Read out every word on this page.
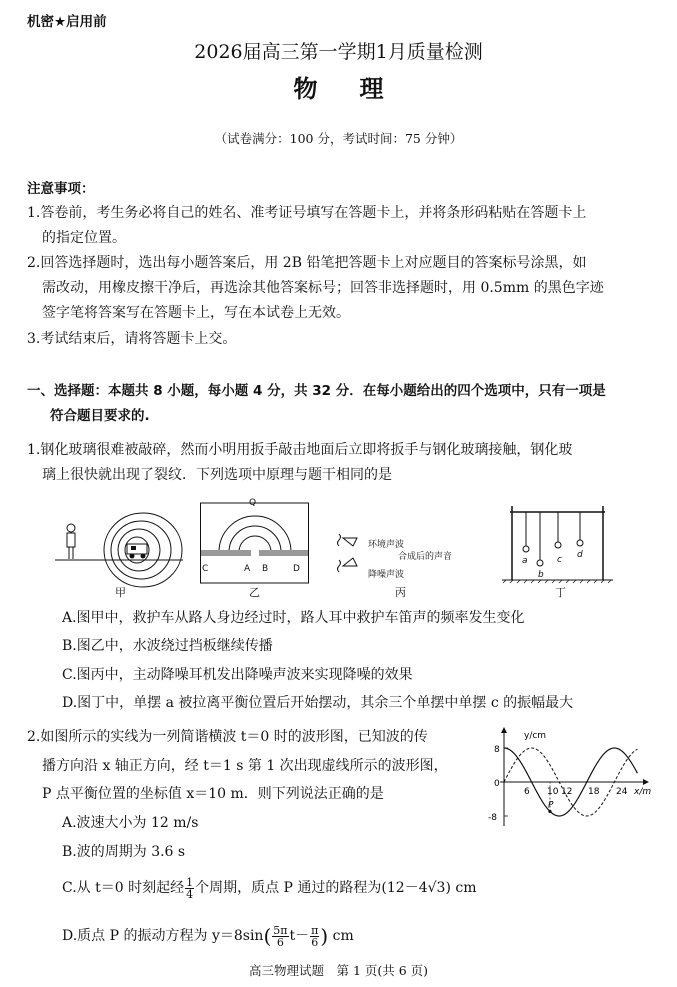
机密★启用前
2026届高三第一学期1月质量检测
物理
（试卷满分：100 分，考试时间：75 分钟）
注意事项：
1.答卷前，考生务必将自己的姓名、准考证号填写在答题卡上，并将条形码粘贴在答题卡上
的指定位置。
2.回答选择题时，选出每小题答案后，用 2B 铅笔把答题卡上对应题目的答案标号涂黑，如
需改动，用橡皮擦干净后，再选涂其他答案标号；回答非选择题时，用 0.5mm 的黑色字迹
签字笔将答案写在答题卡上，写在本试卷上无效。
3.考试结束后，请将答题卡上交。
一、选择题：本题共 8 小题，每小题 4 分，共 32 分．在每小题给出的四个选项中，只有一项是
符合题目要求的.
1.钢化玻璃很难被敲碎，然而小明用扳手敲击地面后立即将扳手与钢化玻璃接触，钢化玻
璃上很快就出现了裂纹．下列选项中原理与题干相同的是
甲
Q
C	A B	D
乙
环境声波
合成后的声音
降噪声波
丙
a
b
c d
丁
A.图甲中，救护车从路人身边经过时，路人耳中救护车笛声的频率发生变化
B.图乙中，水波绕过挡板继续传播
C.图丙中，主动降噪耳机发出降噪声波来实现降噪的效果
D.图丁中，单摆 a 被拉离平衡位置后开始摆动，其余三个单摆中单摆 c 的振幅最大
2.如图所示的实线为一列简谐横波 t＝0 时的波形图，已知波的传
播方向沿 x 轴正方向，经 t＝1 s 第 1 次出现虚线所示的波形图，
P 点平衡位置的坐标值 x＝10 m．则下列说法正确的是
A.波速大小为 12 m/s
B.波的周期为 3.6 s
C.从 t＝0 时刻起经 $\frac{1}{4}$ 个周期，质点 P 通过的路程为(12－4√3) cm
D.质点 P 的振动方程为 $y=8\sin( \frac{5\pi}{6} t- \frac{\pi}{6}$ ) cm
y/cm
x/m
8
0
-8
6 10 12 18 24
P
高三物理试题　第 1 页(共 6 页)
